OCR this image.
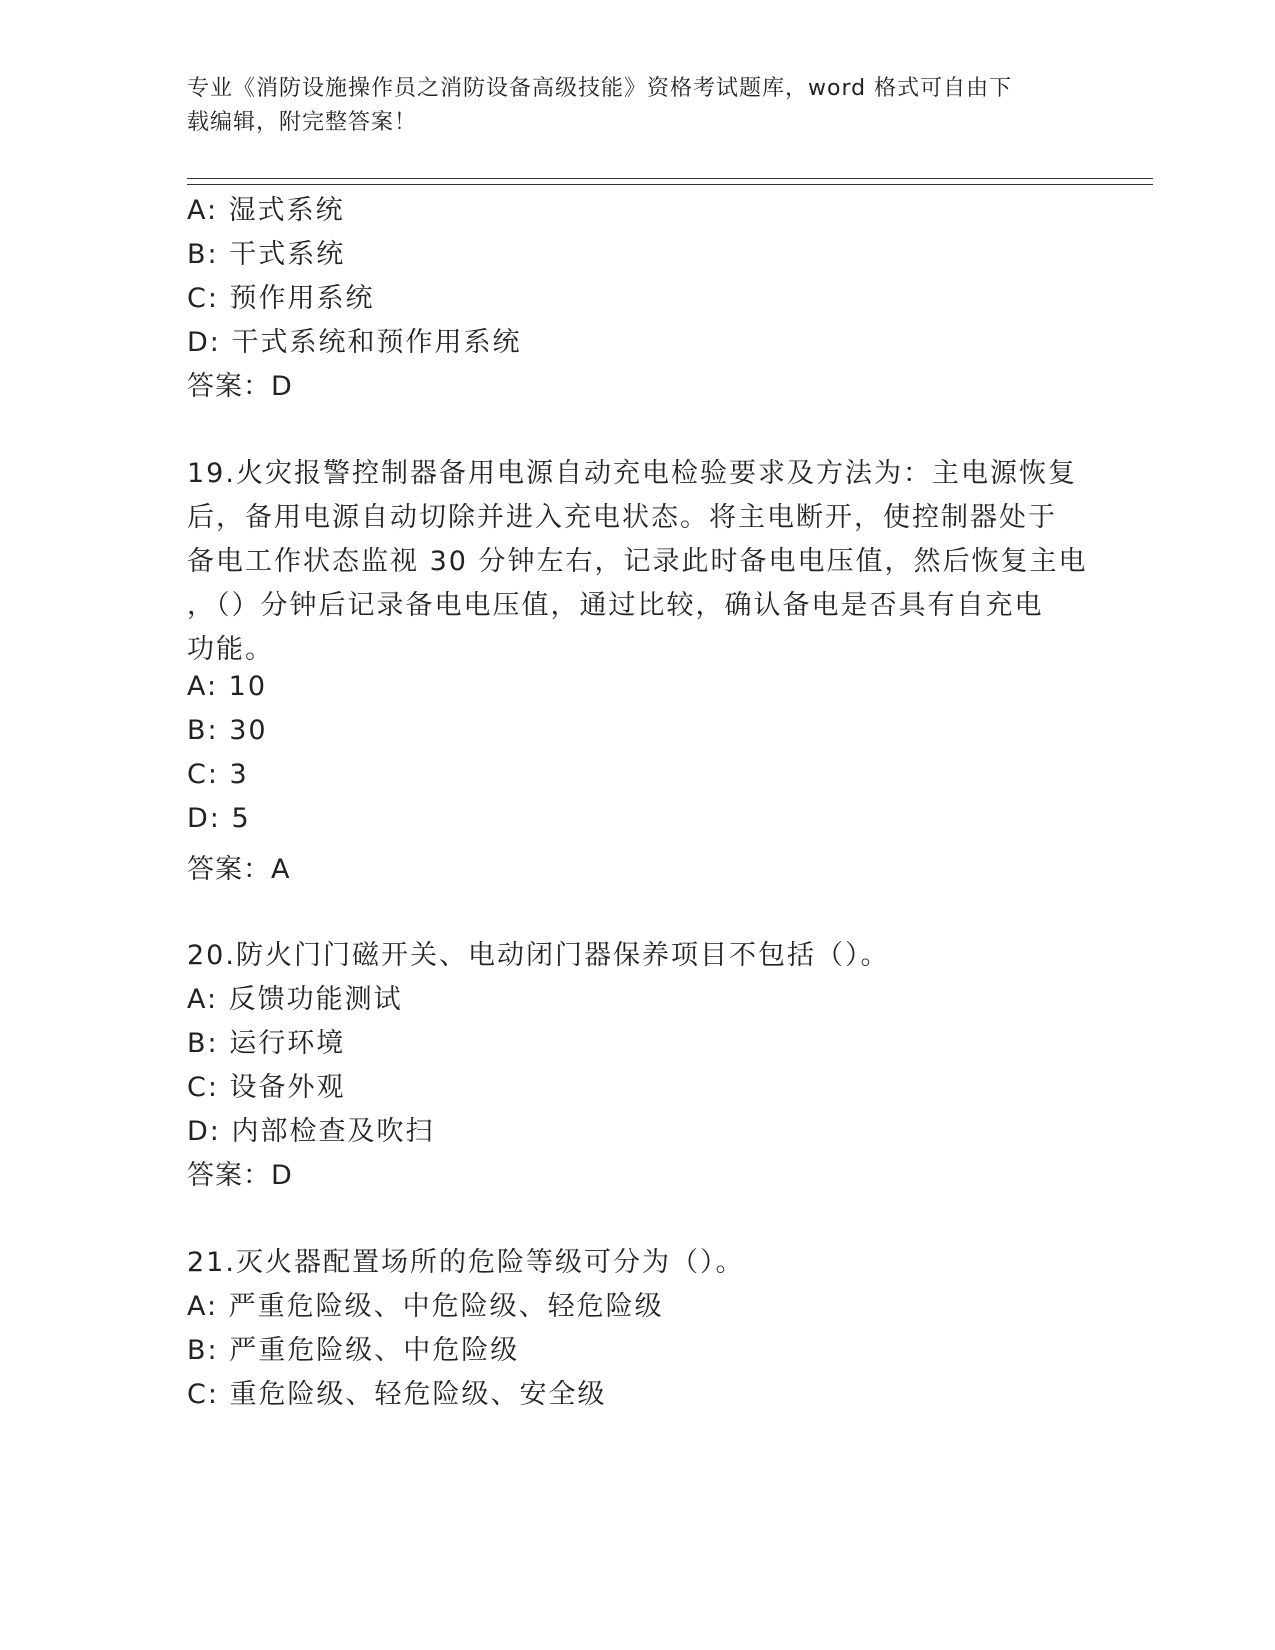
专业《消防设施操作员之消防设备高级技能》资格考试题库，word 格式可自由下
载编辑，附完整答案！
A: 湿式系统
B: 干式系统
C: 预作用系统
D: 干式系统和预作用系统
答案：D
19.火灾报警控制器备用电源自动充电检验要求及方法为：主电源恢复
后，备用电源自动切除并进入充电状态。将主电断开，使控制器处于
备电工作状态监视 30 分钟左右，记录此时备电电压值，然后恢复主电
，（）分钟后记录备电电压值，通过比较，确认备电是否具有自充电
功能。
A: 10
B: 30
C: 3
D: 5
答案：A
20.防火门门磁开关、电动闭门器保养项目不包括（）。
A: 反馈功能测试
B: 运行环境
C: 设备外观
D: 内部检查及吹扫
答案：D
21.灭火器配置场所的危险等级可分为（）。
A: 严重危险级、中危险级、轻危险级
B: 严重危险级、中危险级
C: 重危险级、轻危险级、安全级
